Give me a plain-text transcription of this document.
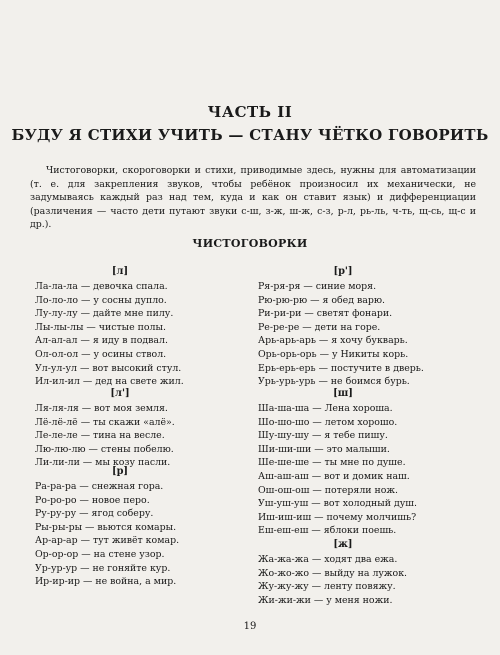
ЧАСТЬ II
БУДУ Я СТИХИ УЧИТЬ — СТАНУ ЧЁТКО ГОВОРИТЬ
Чистоговорки, скороговорки и стихи, приводимые здесь, нужны для автоматизации (т. е. для закрепления звуков, чтобы ребёнок произносил их механически, не задумываясь каждый раз над тем, куда и как он ставит язык) и дифференциации (различения — часто дети путают звуки с-ш, з-ж, ш-ж, с-з, р-л, рь-ль, ч-ть, щ-сь, щ-с и др.).
ЧИСТОГОВОРКИ
[л]
Ла-ла-ла — девочка спала.
Ло-ло-ло — у сосны дупло.
Лу-лу-лу — дайте мне пилу.
Лы-лы-лы — чистые полы.
Ал-ал-ал — я иду в подвал.
Ол-ол-ол — у осины ствол.
Ул-ул-ул — вот высокий стул.
Ил-ил-ил — дед на свете жил.
[л']
Ля-ля-ля — вот моя земля.
Лё-лё-лё — ты скажи «алё».
Ле-ле-ле — тина на весле.
Лю-лю-лю — стены побелю.
Ли-ли-ли — мы козу пасли.
[р]
Ра-ра-ра — снежная гора.
Ро-ро-ро — новое перо.
Ру-ру-ру — ягод соберу.
Ры-ры-ры — вьются комары.
Ар-ар-ар — тут живёт комар.
Ор-ор-ор — на стене узор.
Ур-ур-ур — не гоняйте кур.
Ир-ир-ир — не война, а мир.
[р']
Ря-ря-ря — синие моря.
Рю-рю-рю — я обед варю.
Ри-ри-ри — светят фонари.
Ре-ре-ре — дети на горе.
Арь-арь-арь — я хочу букварь.
Орь-орь-орь — у Никиты корь.
Ерь-ерь-ерь — постучите в дверь.
Урь-урь-урь — не боимся бурь.
[ш]
Ша-ша-ша — Лена хороша.
Шо-шо-шо — летом хорошо.
Шу-шу-шу — я тебе пишу.
Ши-ши-ши — это малыши.
Ше-ше-ше — ты мне по душе.
Аш-аш-аш — вот и домик наш.
Ош-ош-ош — потеряли нож.
Уш-уш-уш — вот холодный душ.
Иш-иш-иш — почему молчишь?
Еш-еш-еш — яблоки поешь.
[ж]
Жа-жа-жа — ходят два ежа.
Жо-жо-жо — выйду на лужок.
Жу-жу-жу — ленту повяжу.
Жи-жи-жи — у меня ножи.
19
